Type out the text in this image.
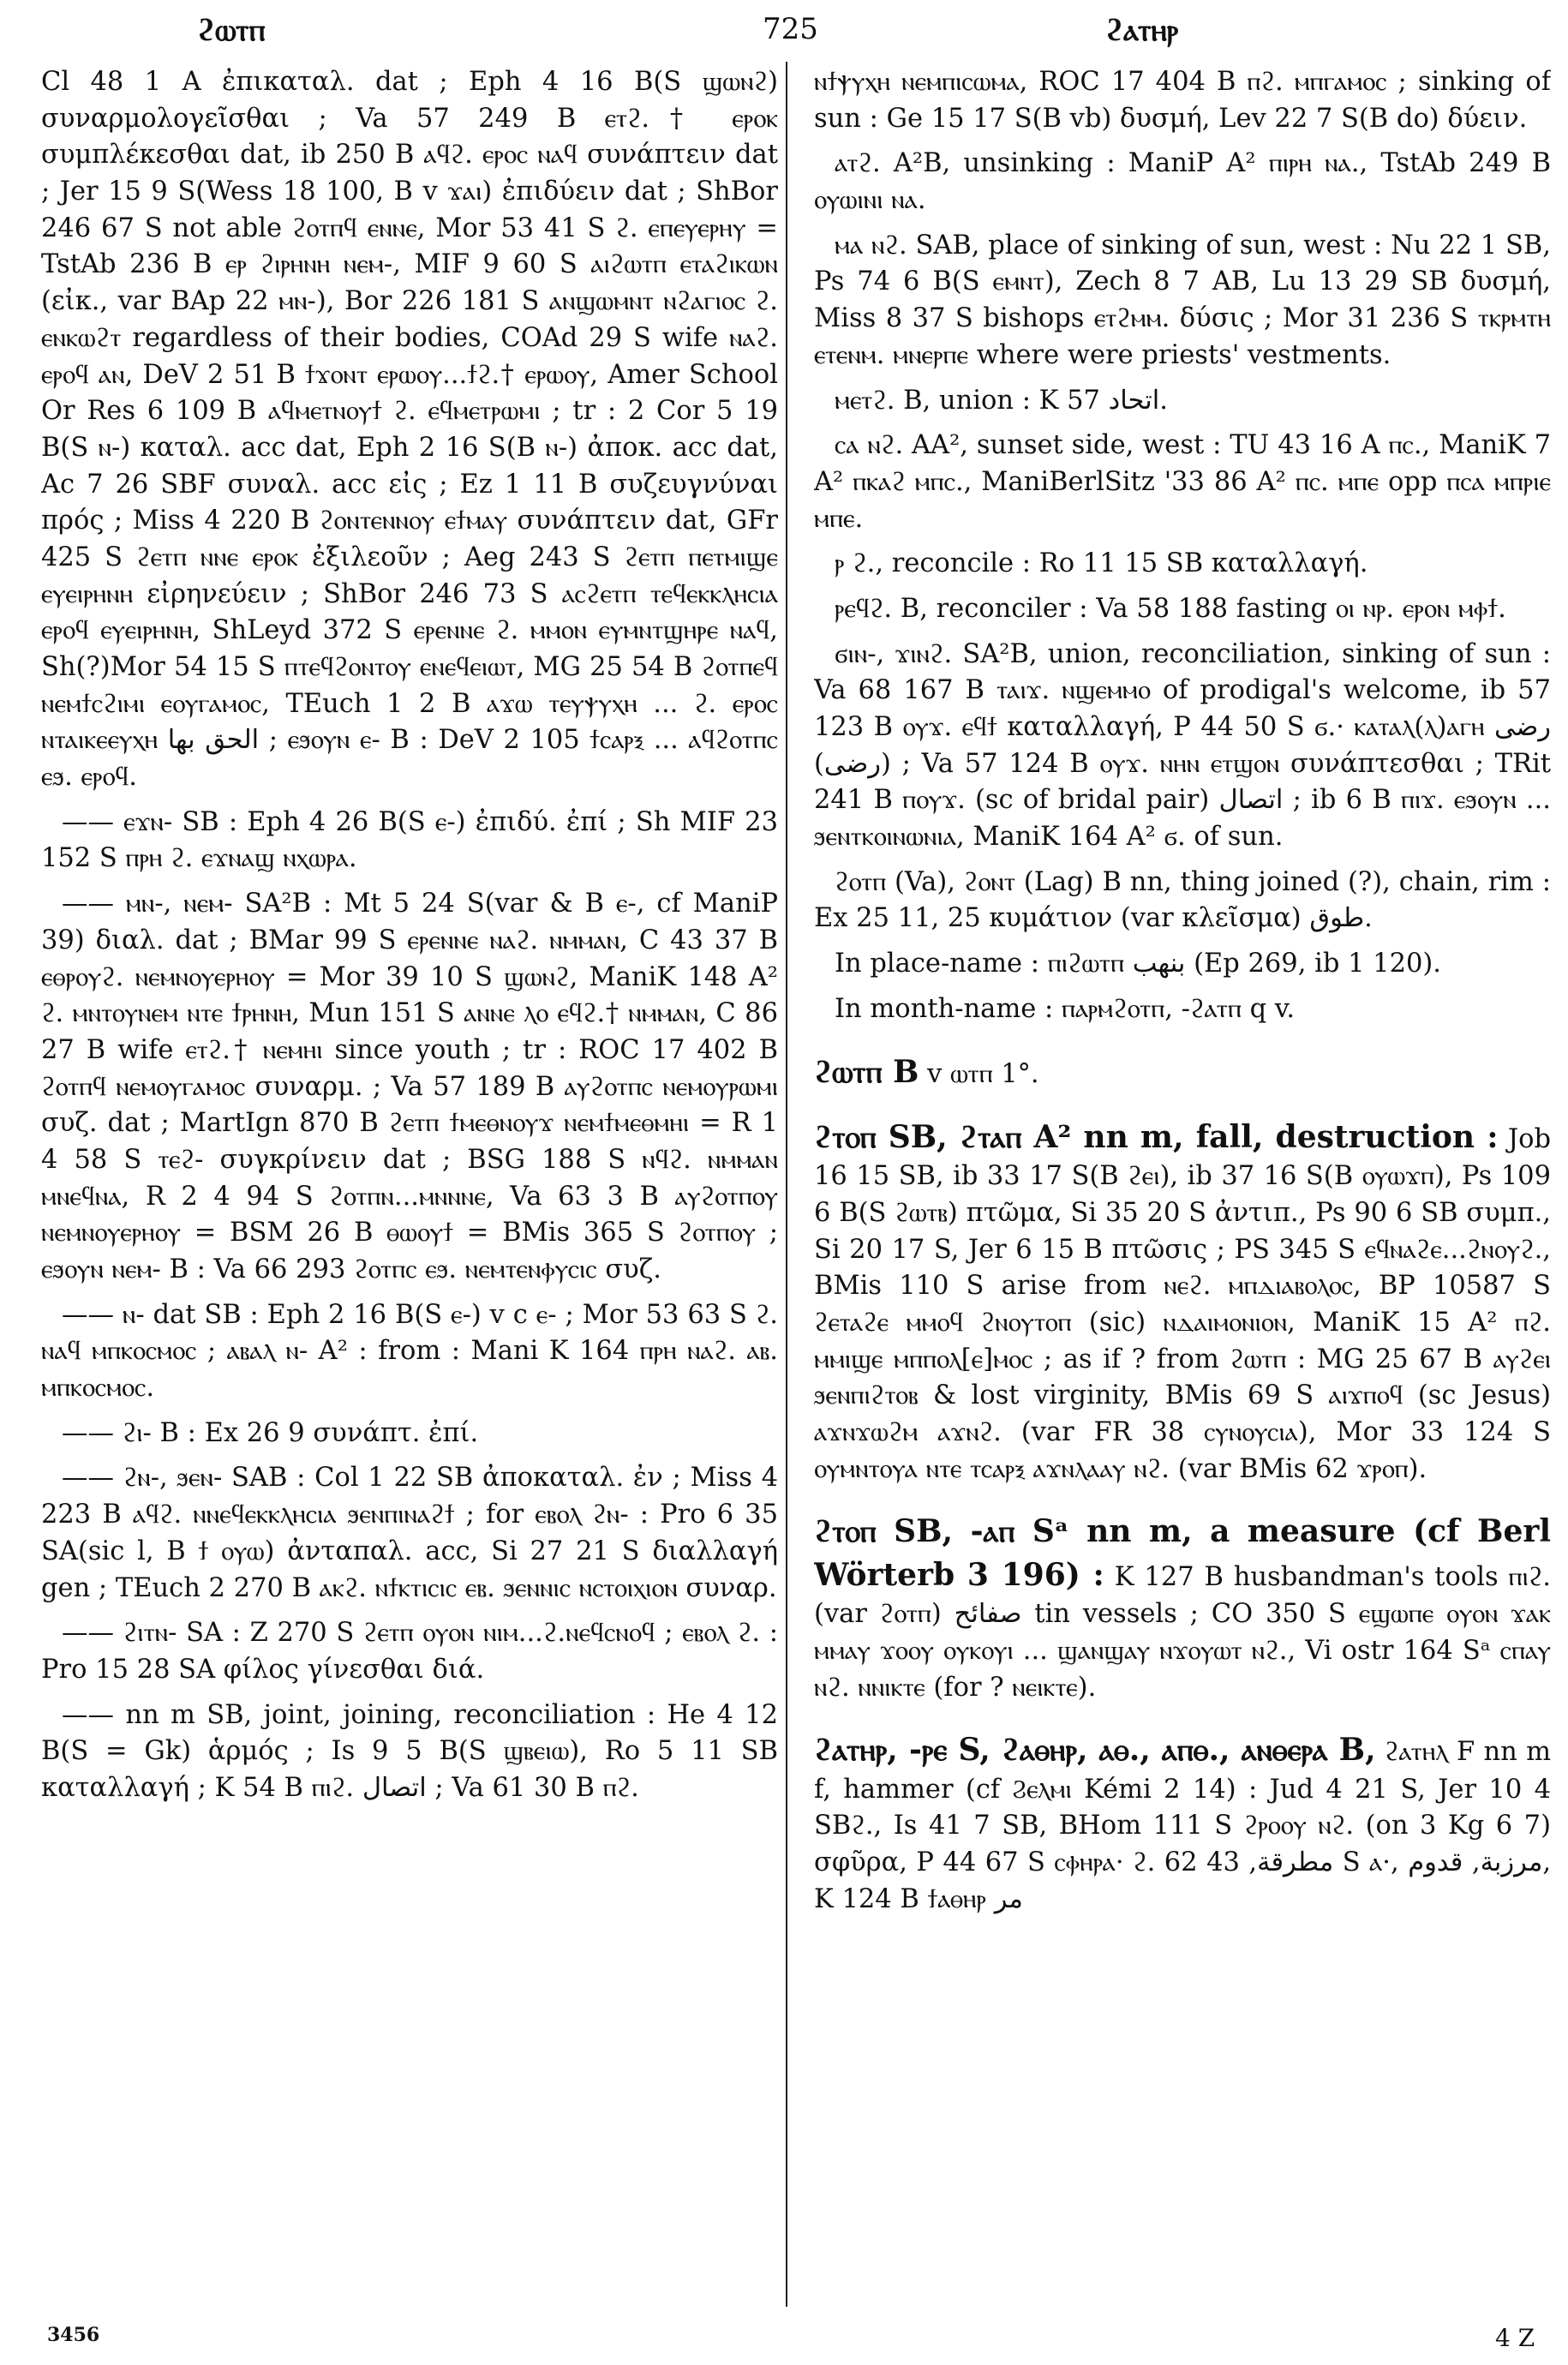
ϩⲱⲧⲡ	725	ϩⲁⲧⲏⲣ

Cl 48 1 A ἐπικαταλ. dat ; Eph 4 16 B(S ϣⲱⲛϩ) συναρμολογεῖσθαι ; Va 57 249 B ⲉⲧϩ.† ⲉⲣⲟⲕ συμπλέκεσθαι dat, ib 250 B ⲁϥϩ. ⲉⲣⲟⲥ ⲛⲁϥ συνάπτειν dat ; Jer 15 9 S(Wess 18 100, B v ϫⲁⲓ) ἐπιδύειν dat ; ShBor 246 67 S not able ϩⲟⲧⲡϥ ⲉⲛⲛⲉ, Mor 53 41 S ϩ. ⲉⲡⲉⲩⲉⲣⲏⲩ = TstAb 236 B ⲉⲣ ϩⲓⲣⲏⲛⲏ ⲛⲉⲙ-, MIF 9 60 S ⲁⲓϩⲱⲧⲡ ⲉⲧⲁϩⲓⲕⲱⲛ (εἰκ., var BAp 22 ⲙⲛ-), Bor 226 181 S ⲁⲛϣⲱⲙⲛⲧ ⲛϩⲁⲅⲓⲟⲥ ϩ. ⲉⲛⲕⲱϩⲧ regardless of their bodies, COAd 29 S wife ⲛⲁϩ. ⲉⲣⲟϥ ⲁⲛ, DeV 2 51 B ϯϫⲟⲛⲧ ⲉⲣⲱⲟⲩ...ϯϩ.† ⲉⲣⲱⲟⲩ, Amer School Or Res 6 109 B ⲁϥⲙⲉⲧⲛⲟⲩϯ ϩ. ⲉϥⲙⲉⲧⲣⲱⲙⲓ ; tr : 2 Cor 5 19 B(S ⲛ-) καταλ. acc dat, Eph 2 16 S(B ⲛ-) ἀποκ. acc dat, Ac 7 26 SBF συναλ. acc εἰς ; Ez 1 11 B συζευγνύναι πρός ; Miss 4 220 B ϩⲟⲛⲧⲉⲛⲛⲟⲩ ⲉϯⲙⲁⲩ συνάπτειν dat, GFr 425 S ϩⲉⲧⲡ ⲛⲛⲉ ⲉⲣⲟⲕ ἐξιλεοῦν ; Aeg 243 S ϩⲉⲧⲡ ⲡⲉⲧⲙⲓϣⲉ ⲉⲩⲉⲓⲣⲏⲛⲏ εἰρηνεύειν ; ShBor 246 73 S ⲁⲥϩⲉⲧⲡ ⲧⲉϥⲉⲕⲕⲗⲏⲥⲓⲁ ⲉⲣⲟϥ ⲉⲩⲉⲓⲣⲏⲛⲏ, ShLeyd 372 S ⲉⲣⲉⲛⲛⲉ ϩ. ⲙⲙⲟⲛ ⲉⲩⲙⲛⲧϣⲏⲣⲉ ⲛⲁϥ, Sh(?)Mor 54 15 S ⲡⲧⲉϥϩⲟⲛⲧⲟⲩ ⲉⲛⲉϥⲉⲓⲱⲧ, MG 25 54 B ϩⲟⲧⲡⲉϥ ⲛⲉⲙϯⲥϩⲓⲙⲓ ⲉⲟⲩⲅⲁⲙⲟⲥ, TEuch 1 2 B ⲁϫⲱ ⲧⲉⲩⲯⲩⲭⲏ ... ϩ. ⲉⲣⲟⲥ ⲛⲧⲁⲓⲕⲉⲉⲩⲭⲏ الحق بها ; ⲉϧⲟⲩⲛ ⲉ- B : DeV 2 105 ϯⲥⲁⲣⲝ ... ⲁϥϩⲟⲧⲡⲥ ⲉϧ. ⲉⲣⲟϥ.

—— ⲉϫⲛ- SB : Eph 4 26 B(S ⲉ-) ἐπιδύ. ἐπί ; Sh MIF 23 152 S ⲡⲣⲏ ϩ. ⲉϫⲛⲁϣ ⲛⲭⲱⲣⲁ.

—— ⲙⲛ-, ⲛⲉⲙ- SA²B : Mt 5 24 S(var & B ⲉ-, cf ManiP 39) διαλ. dat ; BMar 99 S ⲉⲣⲉⲛⲛⲉ ⲛⲁϩ. ⲛⲙⲙⲁⲛ, C 43 37 B ⲉⲑⲣⲟⲩϩ. ⲛⲉⲙⲛⲟⲩⲉⲣⲏⲟⲩ = Mor 39 10 S ϣⲱⲛϩ, ManiK 148 A² ϩ. ⲙⲛⲧⲟⲩⲛⲉⲙ ⲛⲧⲉ ϯⲣⲏⲛⲏ, Mun 151 S ⲁⲛⲛⲉ ⲗⲟ ⲉϥϩ.† ⲛⲙⲙⲁⲛ, C 86 27 B wife ⲉⲧϩ.† ⲛⲉⲙⲏⲓ since youth ; tr : ROC 17 402 B ϩⲟⲧⲡϥ ⲛⲉⲙⲟⲩⲅⲁⲙⲟⲥ συναρμ. ; Va 57 189 B ⲁⲩϩⲟⲧⲡⲥ ⲛⲉⲙⲟⲩⲣⲱⲙⲓ συζ. dat ; MartIgn 870 B ϩⲉⲧⲡ ϯⲙⲉⲑⲛⲟⲩϫ ⲛⲉⲙϯⲙⲉⲑⲙⲏⲓ = R 1 4 58 S ⲧⲉϩ- συγκρίνειν dat ; BSG 188 S ⲛϥϩ. ⲛⲙⲙⲁⲛ ⲙⲛⲉϥⲛⲁ, R 2 4 94 S ϩⲟⲧⲡⲛ...ⲙⲛⲛⲛⲉ, Va 63 3 B ⲁⲩϩⲟⲧⲡⲟⲩ ⲛⲉⲙⲛⲟⲩⲉⲣⲏⲟⲩ = BSM 26 B ⲑⲱⲟⲩϯ = BMis 365 S ϩⲟⲧⲡⲟⲩ ; ⲉϧⲟⲩⲛ ⲛⲉⲙ- B : Va 66 293 ϩⲟⲧⲡⲥ ⲉϧ. ⲛⲉⲙⲧⲉⲛⲫⲩⲥⲓⲥ συζ.

—— ⲛ- dat SB : Eph 2 16 B(S ⲉ-) v c ⲉ- ; Mor 53 63 S ϩ. ⲛⲁϥ ⲙⲡⲕⲟⲥⲙⲟⲥ ; ⲁⲃⲁⲗ ⲛ- A² : from : Mani K 164 ⲡⲣⲏ ⲛⲁϩ. ⲁⲃ. ⲙⲡⲕⲟⲥⲙⲟⲥ.

—— ϩⲓ- B : Ex 26 9 συνάπτ. ἐπί.

—— ϩⲛ-, ϧⲉⲛ- SAB : Col 1 22 SB ἀποκαταλ. ἐν ; Miss 4 223 B ⲁϥϩ. ⲛⲛⲉϥⲉⲕⲕⲗⲏⲥⲓⲁ ϧⲉⲛⲡⲓⲛⲁϩϯ ; for ⲉⲃⲟⲗ ϩⲛ- : Pro 6 35 SA(sic l, B ϯ ⲟⲩⲱ) ἀνταπαλ. acc, Si 27 21 S διαλλαγή gen ; TEuch 2 270 B ⲁⲕϩ. ⲛϯⲕⲧⲓⲥⲓⲥ ⲉⲃ. ϧⲉⲛⲛⲓⲥ ⲛⲥⲧⲟⲓⲭⲓⲟⲛ συναρ.

—— ϩⲓⲧⲛ- SA : Z 270 S ϩⲉⲧⲡ ⲟⲩⲟⲛ ⲛⲓⲙ...ϩ.ⲛⲉϥⲥⲛⲟϥ ; ⲉⲃⲟⲗ ϩ. : Pro 15 28 SA φίλος γίνεσθαι διά.

—— nn m SB, joint, joining, reconciliation : He 4 12 B(S = Gk) ἁρμός ; Is 9 5 B(S ϣⲃⲉⲓⲱ), Ro 5 11 SB καταλλαγή ; K 54 B ⲡⲓϩ. اتصال ; Va 61 30 B ⲡϩ.

ⲛϯⲯⲩⲭⲏ ⲛⲉⲙⲡⲓⲥⲱⲙⲁ, ROC 17 404 B ⲡϩ. ⲙⲡⲅⲁⲙⲟⲥ ; sinking of sun : Ge 15 17 S(B vb) δυσμή, Lev 22 7 S(B do) δύειν.

ⲁⲧϩ. A²B, unsinking : ManiP A² ⲡⲓⲣⲏ ⲛⲁ., TstAb 249 B ⲟⲩⲱⲓⲛⲓ ⲛⲁ.

ⲙⲁ ⲛϩ. SAB, place of sinking of sun, west : Nu 22 1 SB, Ps 74 6 B(S ⲉⲙⲛⲧ), Zech 8 7 AB, Lu 13 29 SB δυσμή, Miss 8 37 S bishops ⲉⲧϩⲙⲙ. δύσις ; Mor 31 236 S ⲧⲕⲣⲙⲧⲏ ⲉⲧⲉⲛⲙ. ⲙⲛⲉⲣⲡⲉ where were priests' vestments.

ⲙⲉⲧϩ. B, union : K 57 اتحاد.

ⲥⲁ ⲛϩ. AA², sunset side, west : TU 43 16 A ⲡⲥ., ManiK 7 A² ⲡⲕⲁϩ ⲙⲡⲥ., ManiBerlSitz '33 86 A² ⲡⲥ. ⲙⲡⲉ opp ⲡⲥⲁ ⲙⲡⲣⲓⲉ ⲙⲡⲉ.

ⲣ ϩ., reconcile : Ro 11 15 SB καταλλαγή.

ⲣⲉϥϩ. B, reconciler : Va 58 188 fasting ⲟⲓ ⲛⲣ. ⲉⲣⲟⲛ ⲙⲫϯ.

ϭⲓⲛ-, ϫⲓⲛϩ. SA²B, union, reconciliation, sinking of sun : Va 68 167 B ⲧⲁⲓϫ. ⲛϣⲉⲙⲙⲟ of prodigal's welcome, ib 57 123 B ⲟⲩϫ. ⲉϥϯ καταλλαγή, P 44 50 S ϭ.· ⲕⲁⲧⲁⲗ(ⲗ)ⲁⲅⲏ رضى (رضى) ; Va 57 124 B ⲟⲩϫ. ⲛⲏⲛ ⲉⲧϣⲟⲛ συνάπτεσθαι ; TRit 241 B ⲡⲟⲩϫ. (sc of bridal pair) اتصال ; ib 6 B ⲡⲓϫ. ⲉϧⲟⲩⲛ ... ϧⲉⲛⲧⲕⲟⲓⲛⲱⲛⲓⲁ, ManiK 164 A² ϭ. of sun.

ϩⲟⲧⲡ (Va), ϩⲟⲛⲧ (Lag) B nn, thing joined (?), chain, rim : Ex 25 11, 25 κυμάτιον (var κλεῖσμα) طوق.

In place-name : ⲡⲓϩⲱⲧⲡ بنهب (Ep 269, ib 1 120).

In month-name : ⲡⲁⲣⲙϩⲟⲧⲡ, -ϩⲁⲧⲡ q v.

ϩⲱⲧⲡ B v ⲱⲧⲡ 1°.

ϩⲧⲟⲡ SB, ϩⲧⲁⲡ A² nn m, fall, destruction : Job 16 15 SB, ib 33 17 S(B ϩⲉⲓ), ib 37 16 S(B ⲟⲩⲱϫⲡ), Ps 109 6 B(S ϩⲱⲧⲃ) πτῶμα, Si 35 20 S ἀντιπ., Ps 90 6 SB συμπ., Si 20 17 S, Jer 6 15 B πτῶσις ; PS 345 S ⲉϥⲛⲁϩⲉ...ϩⲛⲟⲩϩ., BMis 110 S arise from ⲛⲉϩ. ⲙⲡⲇⲓⲁⲃⲟⲗⲟⲥ, BP 10587 S ϩⲉⲧⲁϩⲉ ⲙⲙⲟϥ ϩⲛⲟⲩⲧⲟⲡ (sic) ⲛⲇⲁⲓⲙⲟⲛⲓⲟⲛ, ManiK 15 A² ⲡϩ. ⲙⲙⲓϣⲉ ⲙⲡⲡⲟⲗ[ⲉ]ⲙⲟⲥ ; as if ? from ϩⲱⲧⲡ : MG 25 67 B ⲁⲩϩⲉⲓ ϧⲉⲛⲡⲓϩⲧⲟⲃ & lost virginity, BMis 69 S ⲁⲓϫⲡⲟϥ (sc Jesus) ⲁϫⲛϫⲱϩⲙ ⲁϫⲛϩ. (var FR 38 ⲥⲩⲛⲟⲩⲥⲓⲁ), Mor 33 124 S ⲟⲩⲙⲛⲧⲟⲩⲁ ⲛⲧⲉ ⲧⲥⲁⲣⲝ ⲁϫⲛⲗⲁⲁⲩ ⲛϩ. (var BMis 62 ϫⲣⲟⲡ).

ϩⲧⲟⲡ SB, -ⲁⲡ Sᵃ nn m, a measure (cf Berl Wörterb 3 196) : K 127 B husbandman's tools ⲡⲓϩ. (var ϩⲟⲧⲡ) صفائح tin vessels ; CO 350 S ⲉϣⲱⲡⲉ ⲟⲩⲟⲛ ϫⲁⲕ ⲙⲙⲁⲩ ϫⲟⲟⲩ ⲟⲩⲕⲟⲩⲓ ... ϣⲁⲛϣⲁⲩ ⲛϫⲟⲩⲱⲧ ⲛϩ., Vi ostr 164 Sᵃ ⲥⲡⲁⲩ ⲛϩ. ⲛⲛⲓⲕⲧⲉ (for ? ⲛⲉⲓⲕⲧⲉ).

ϩⲁⲧⲏⲣ, -ⲣⲉ S, ϩⲁⲑⲏⲣ, ⲁⲑ., ⲁⲡⲑ., ⲁⲛⲑⲉⲣⲁ B, ϩⲁⲧⲏⲗ F nn m f, hammer (cf Ϩⲉⲗⲙⲓ Kémi 2 14) : Jud 4 21 S, Jer 10 4 SBϩ., Is 41 7 SB, BHom 111 S ϩⲣⲟⲟⲩ ⲛϩ. (on 3 Kg 6 7) σφῦρα, P 44 67 S ⲥⲫⲏⲣⲁ· ϩ. مطرقة, 43 62 S ⲁ·, مرزبة, قدوم, K 124 B ϯⲁⲑⲏⲣ مر

3456	4 Z
